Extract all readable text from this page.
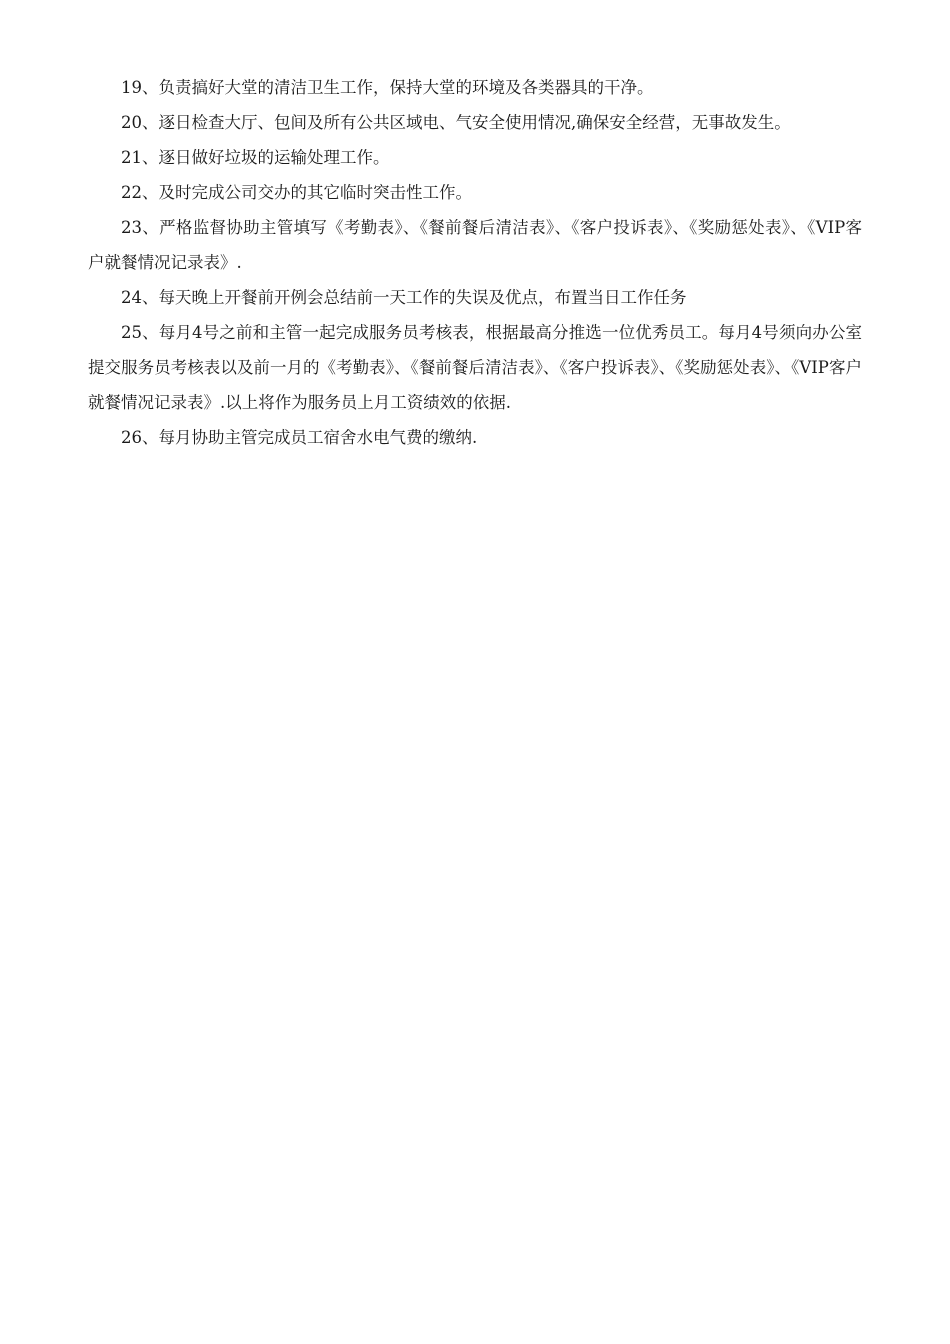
19、负责搞好大堂的清洁卫生工作，保持大堂的环境及各类器具的干净。

20、逐日检查大厅、包间及所有公共区域电、气安全使用情况,确保安全经营，无事故发生。

21、逐日做好垃圾的运输处理工作。

22、及时完成公司交办的其它临时突击性工作。

23、严格监督协助主管填写《考勤表》、《餐前餐后清洁表》、《客户投诉表》、《奖励惩处表》、《VIP客户就餐情况记录表》.

24、每天晚上开餐前开例会总结前一天工作的失误及优点，布置当日工作任务

25、每月4号之前和主管一起完成服务员考核表，根据最高分推选一位优秀员工。每月4号须向办公室提交服务员考核表以及前一月的《考勤表》、《餐前餐后清洁表》、《客户投诉表》、《奖励惩处表》、《VIP客户就餐情况记录表》.以上将作为服务员上月工资绩效的依据.

26、每月协助主管完成员工宿舍水电气费的缴纳.
